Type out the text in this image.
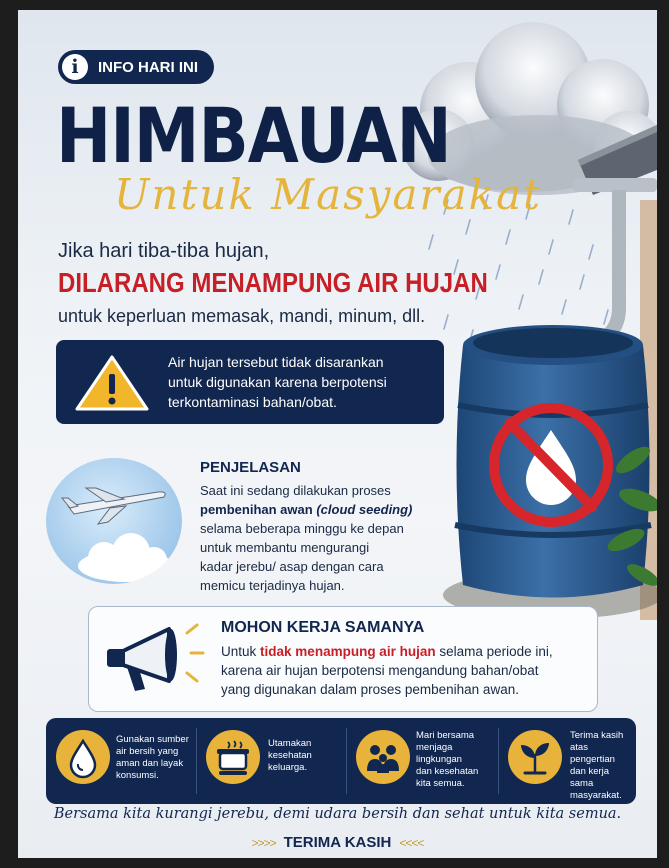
i	INFO HARI INI
HIMBAUAN
Untuk Masyarakat
Jika hari tiba-tiba hujan,
DILARANG MENAMPUNG AIR HUJAN
untuk keperluan memasak, mandi, minum, dll.
Air hujan tersebut tidak disarankan
untuk digunakan karena berpotensi
terkontaminasi bahan/obat.
PENJELASAN
Saat ini sedang dilakukan proses
pembenihan awan (cloud seeding)
selama beberapa minggu ke depan
untuk membantu mengurangi
kadar jerebu/ asap dengan cara
memicu terjadinya hujan.
MOHON KERJA SAMANYA
Untuk tidak menampung air hujan selama periode ini,
karena air hujan berpotensi mengandung bahan/obat
yang digunakan dalam proses pembenihan awan.
Gunakan sumber
air bersih yang
aman dan layak
konsumsi.
Utamakan
kesehatan
keluarga.
Mari bersama
menjaga lingkungan
dan kesehatan
kita semua.
Terima kasih
atas pengertian
dan kerja sama
masyarakat.
Bersama kita kurangi jerebu, demi udara bersih dan sehat untuk kita semua.
>>>> TERIMA KASIH <<<<
